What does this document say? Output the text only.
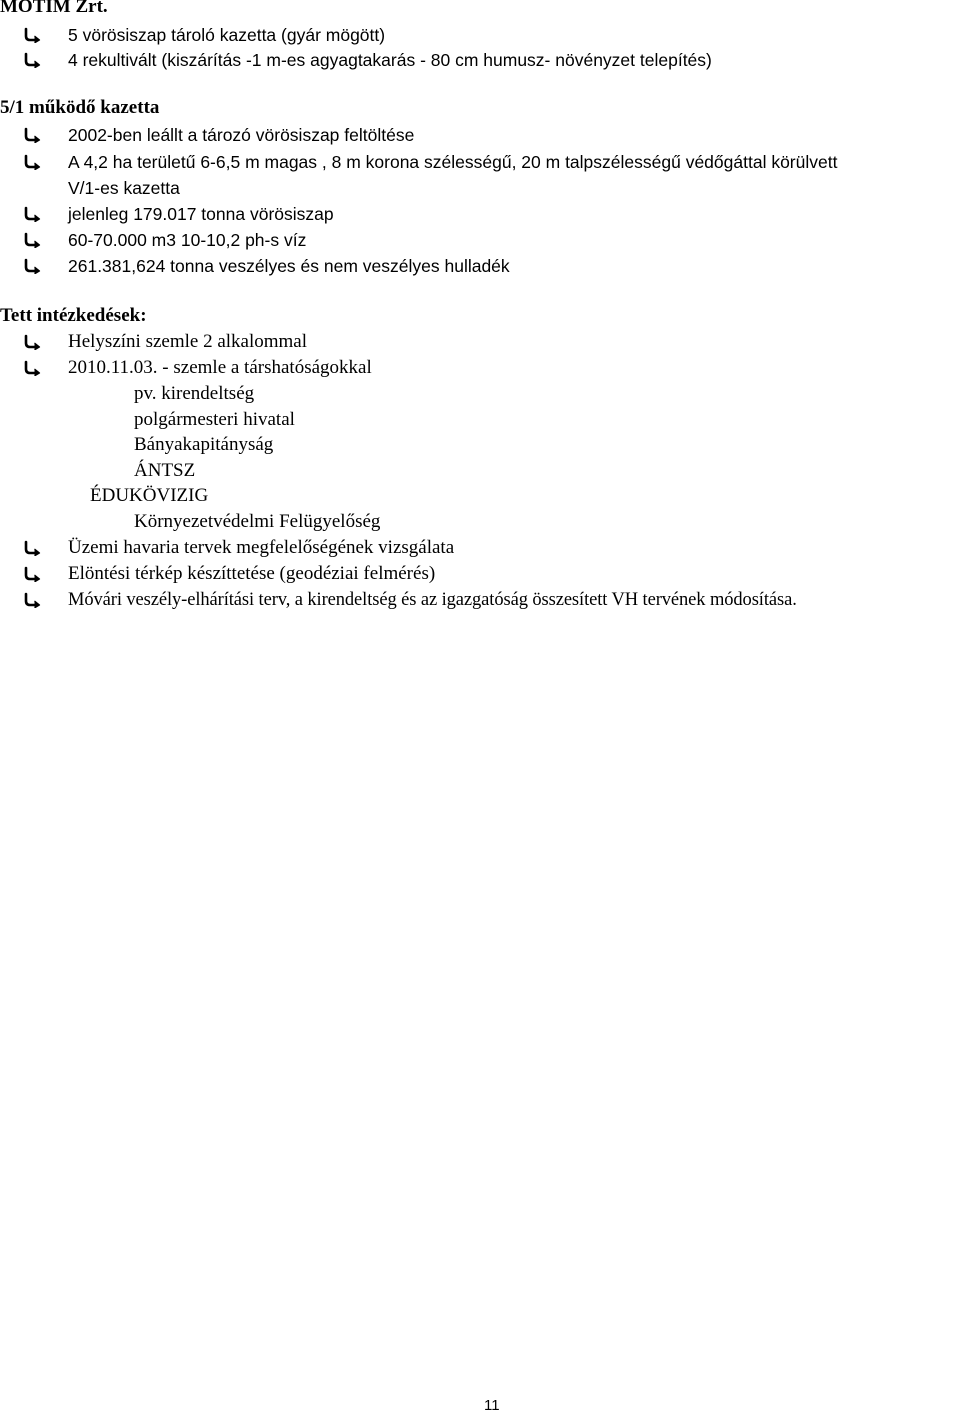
MOTIM Zrt.
5 vörösiszap tároló kazetta (gyár mögött)
4 rekultivált (kiszárítás -1 m-es agyagtakarás - 80 cm humusz- növényzet telepítés)
5/1 működő kazetta
2002-ben leállt a tározó vörösiszap feltöltése
A 4,2 ha területű 6-6,5 m magas , 8 m korona szélességű, 20 m talpszélességű védőgáttal körülvett
V/1-es kazetta
jelenleg 179.017 tonna vörösiszap
60-70.000 m3 10-10,2 ph-s víz
261.381,624 tonna veszélyes és nem veszélyes hulladék
Tett intézkedések:
Helyszíni szemle 2 alkalommal
2010.11.03. - szemle a társhatóságokkal
pv. kirendeltség
polgármesteri hivatal
Bányakapitányság
ÁNTSZ
ÉDUKÖVIZIG
Környezetvédelmi Felügyelőség
Üzemi havaria tervek megfelelőségének vizsgálata
Elöntési térkép készíttetése (geodéziai felmérés)
Móvári veszély-elhárítási terv, a kirendeltség és az igazgatóság összesített VH tervének módosítása.
11
